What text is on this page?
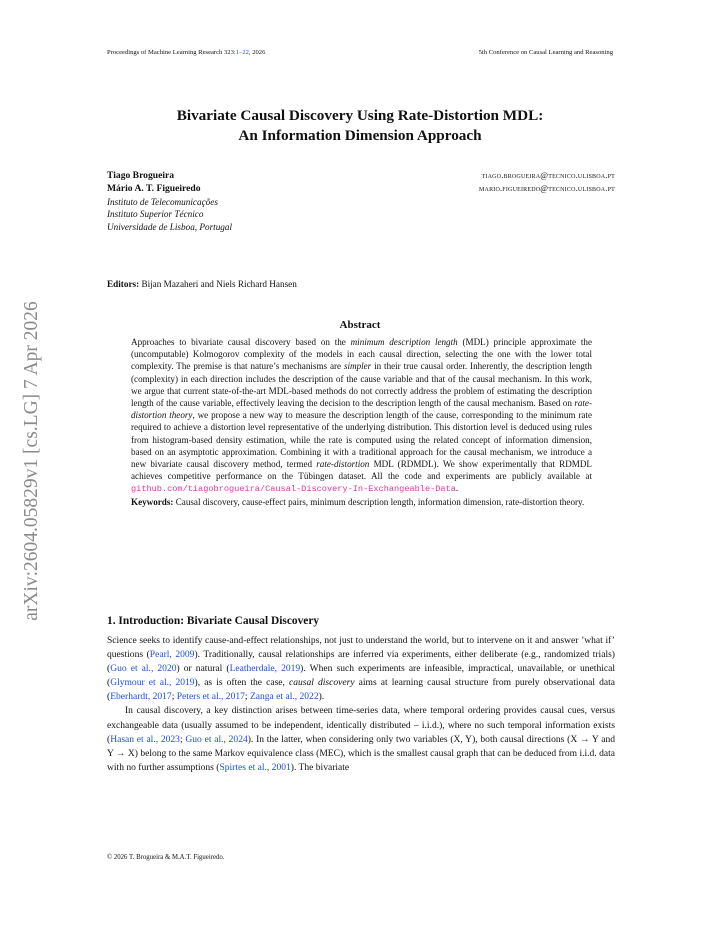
Proceedings of Machine Learning Research 323:1–22, 2026	5th Conference on Causal Learning and Reasoning
arXiv:2604.05829v1 [cs.LG] 7 Apr 2026
Bivariate Causal Discovery Using Rate-Distortion MDL:
An Information Dimension Approach
Tiago Brogueira	tiago.brogueira@tecnico.ulisboa.pt
Mário A. T. Figueiredo	mario.figueiredo@tecnico.ulisboa.pt
Instituto de Telecomunicações
Instituto Superior Técnico
Universidade de Lisboa, Portugal
Editors: Bijan Mazaheri and Niels Richard Hansen
Abstract
Approaches to bivariate causal discovery based on the minimum description length (MDL) principle approximate the (uncomputable) Kolmogorov complexity of the models in each causal direction, selecting the one with the lower total complexity. The premise is that nature’s mechanisms are simpler in their true causal order. Inherently, the description length (complexity) in each direction includes the description of the cause variable and that of the causal mechanism. In this work, we argue that current state-of-the-art MDL-based methods do not correctly address the problem of estimating the description length of the cause variable, effectively leaving the decision to the description length of the causal mechanism. Based on rate-distortion theory, we propose a new way to measure the description length of the cause, corresponding to the minimum rate required to achieve a distortion level representative of the underlying distribution. This distortion level is deduced using rules from histogram-based density estimation, while the rate is computed using the related concept of information dimension, based on an asymptotic approximation. Combining it with a traditional approach for the causal mechanism, we introduce a new bivariate causal discovery method, termed rate-distortion MDL (RDMDL). We show experimentally that RDMDL achieves competitive performance on the Tübingen dataset. All the code and experiments are publicly available at github.com/tiagobrogueira/Causal-Discovery-In-Exchangeable-Data.
Keywords: Causal discovery, cause-effect pairs, minimum description length, information dimension, rate-distortion theory.
1. Introduction: Bivariate Causal Discovery

Science seeks to identify cause-and-effect relationships, not just to understand the world, but to intervene on it and answer ’what if’ questions (Pearl, 2009). Traditionally, causal relationships are inferred via experiments, either deliberate (e.g., randomized trials) (Guo et al., 2020) or natural (Leatherdale, 2019). When such experiments are infeasible, impractical, unavailable, or unethical (Glymour et al., 2019), as is often the case, causal discovery aims at learning causal structure from purely observational data (Eberhardt, 2017; Peters et al., 2017; Zanga et al., 2022).

In causal discovery, a key distinction arises between time-series data, where temporal ordering provides causal cues, versus exchangeable data (usually assumed to be independent, identically distributed – i.i.d.), where no such temporal information exists (Hasan et al., 2023; Guo et al., 2024). In the latter, when considering only two variables (X, Y), both causal directions (X → Y and Y → X) belong to the same Markov equivalence class (MEC), which is the smallest causal graph that can be deduced from i.i.d. data with no further assumptions (Spirtes et al., 2001). The bivariate

© 2026 T. Brogueira & M.A.T. Figueiredo.
